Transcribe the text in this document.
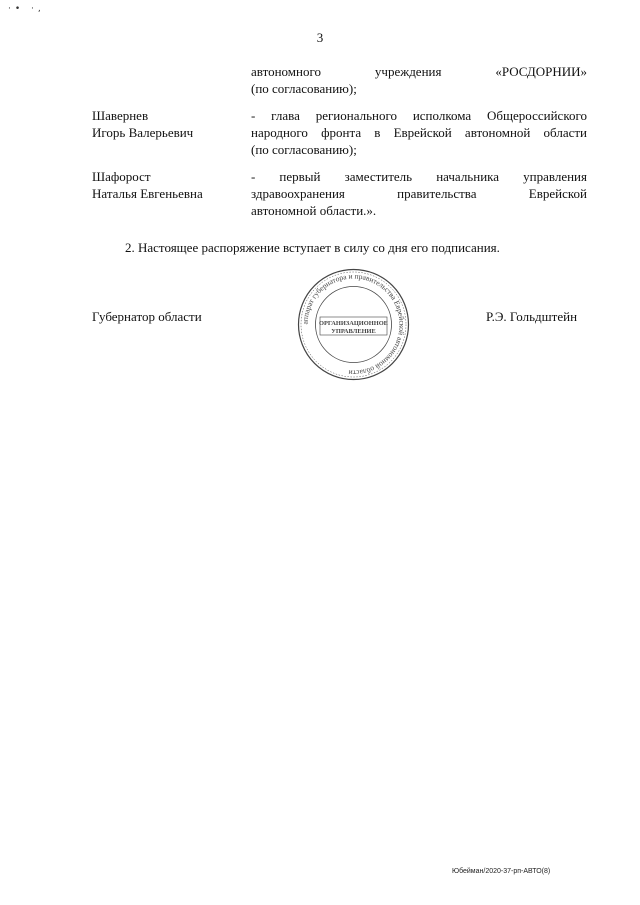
·• ·,
3
автономного учреждения «РОСДОРНИИ»
(по согласованию);
Шавернев
Игорь Валерьевич
- глава регионального исполкома Общероссийского
народного фронта в Еврейской автономной области
(по согласованию);
Шафорост
Наталья Евгеньевна
- первый заместитель начальника управления
здравоохранения правительства Еврейской
автономной области.».
2. Настоящее распоряжение вступает в силу со дня его подписания.
Губернатор области	Р.Э. Гольдштейн
аппарат губернатора и правительства Еврейской автономной области
ОРГАНИЗАЦИОННОЕ
УПРАВЛЕНИЕ
Юбейман/2020-37-рп-АВТО(8)
